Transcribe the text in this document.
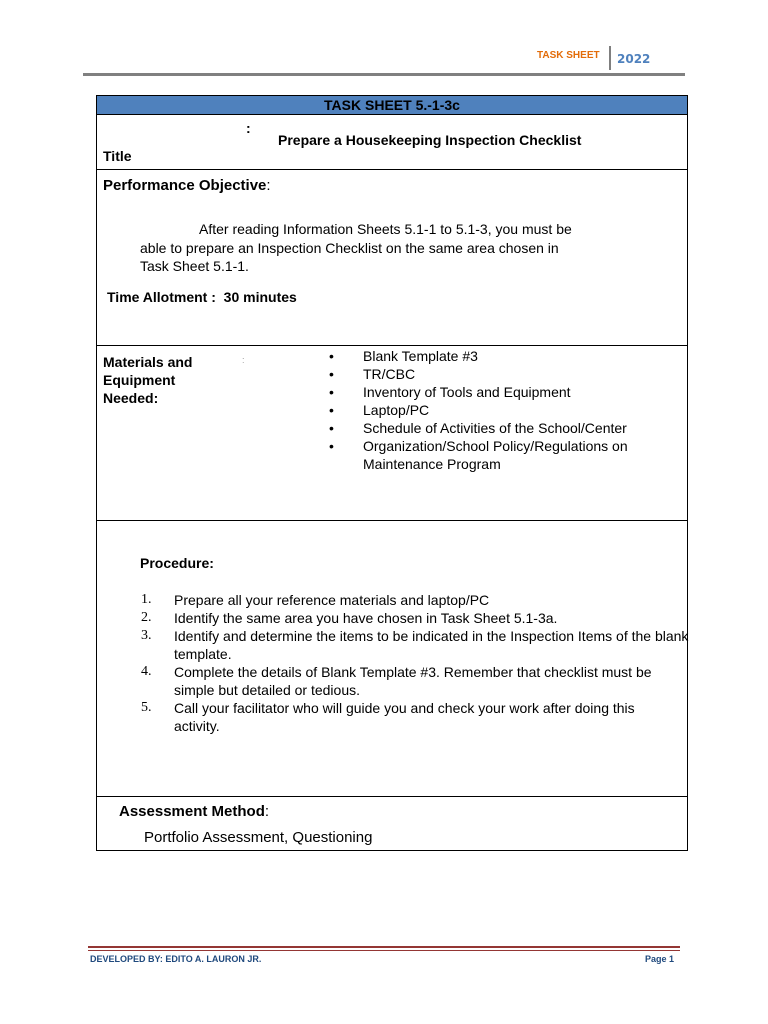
TASK SHEET 2022
TASK SHEET 5.-1-3c
:
Prepare a Housekeeping Inspection Checklist
Title
Performance Objective:
After reading Information Sheets 5.1-1 to 5.1-3, you must be
able to prepare an Inspection Checklist on the same area chosen in
Task Sheet 5.1-1.
Time Allotment :  30 minutes
Materials and
Equipment
Needed:
:
•	Blank Template #3
• TR/CBC
• Inventory of Tools and Equipment
• Laptop/PC
• Schedule of Activities of the School/Center
• Organization/School Policy/Regulations on Maintenance Program
Procedure:
1. Prepare all your reference materials and laptop/PC
2. Identify the same area you have chosen in Task Sheet 5.1-3a.
3. Identify and determine the items to be indicated in the Inspection Items of the blank template.
4. Complete the details of Blank Template #3. Remember that checklist must be simple but detailed or tedious.
5. Call your facilitator who will guide you and check your work after doing this activity.
Assessment Method:
Portfolio Assessment, Questioning
DEVELOPED BY: EDITO A. LAURON JR.	Page 1
